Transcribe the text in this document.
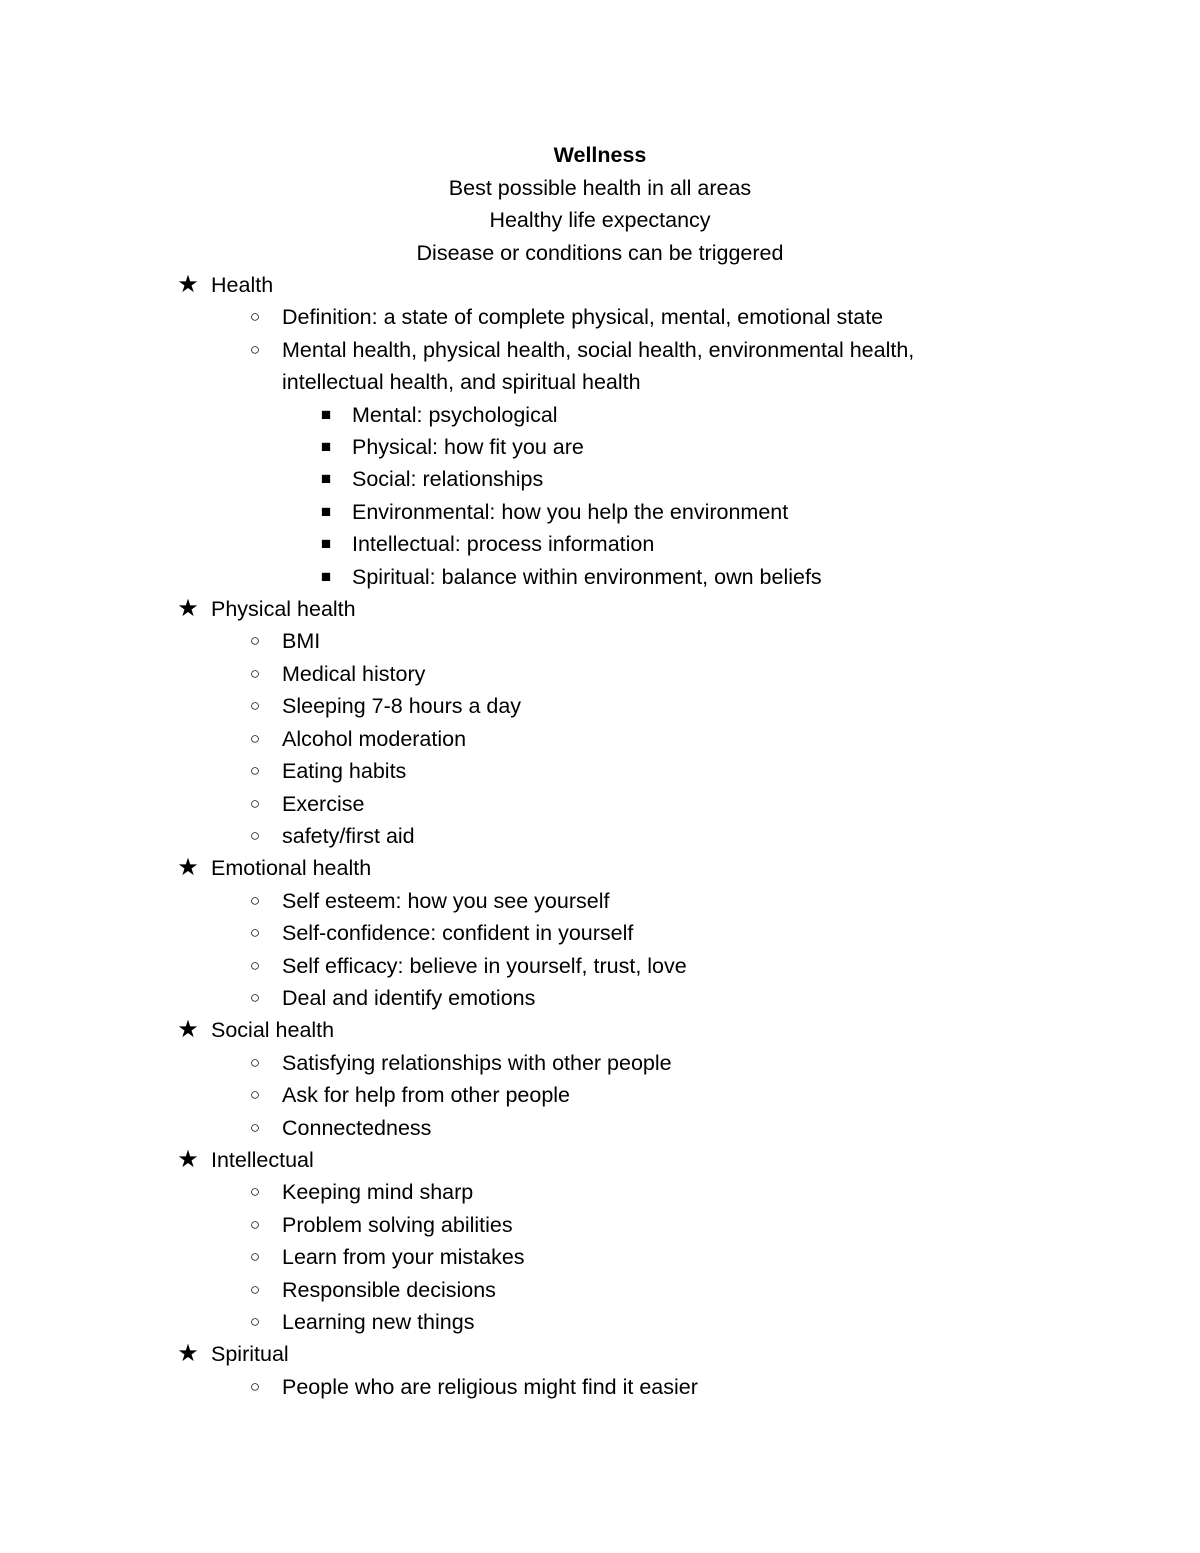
Wellness
Best possible health in all areas
Healthy life expectancy
Disease or conditions can be triggered
★ Health
○	Definition: a state of complete physical, mental, emotional state
○	Mental health, physical health, social health, environmental health, intellectual health, and spiritual health
■ Mental: psychological
■ Physical: how fit you are
■ Social: relationships
■ Environmental: how you help the environment
■ Intellectual: process information
■ Spiritual: balance within environment, own beliefs
★ Physical health
○	BMI
○	Medical history
○	Sleeping 7-8 hours a day
○	Alcohol moderation
○	Eating habits
○	Exercise
○	safety/first aid
★ Emotional health
○	Self esteem: how you see yourself
○	Self-confidence: confident in yourself
○	Self efficacy: believe in yourself, trust, love
○	Deal and identify emotions
★ Social health
○	Satisfying relationships with other people
○	Ask for help from other people
○	Connectedness
★ Intellectual
○	Keeping mind sharp
○	Problem solving abilities
○	Learn from your mistakes
○	Responsible decisions
○	Learning new things
★ Spiritual
○	People who are religious might find it easier
